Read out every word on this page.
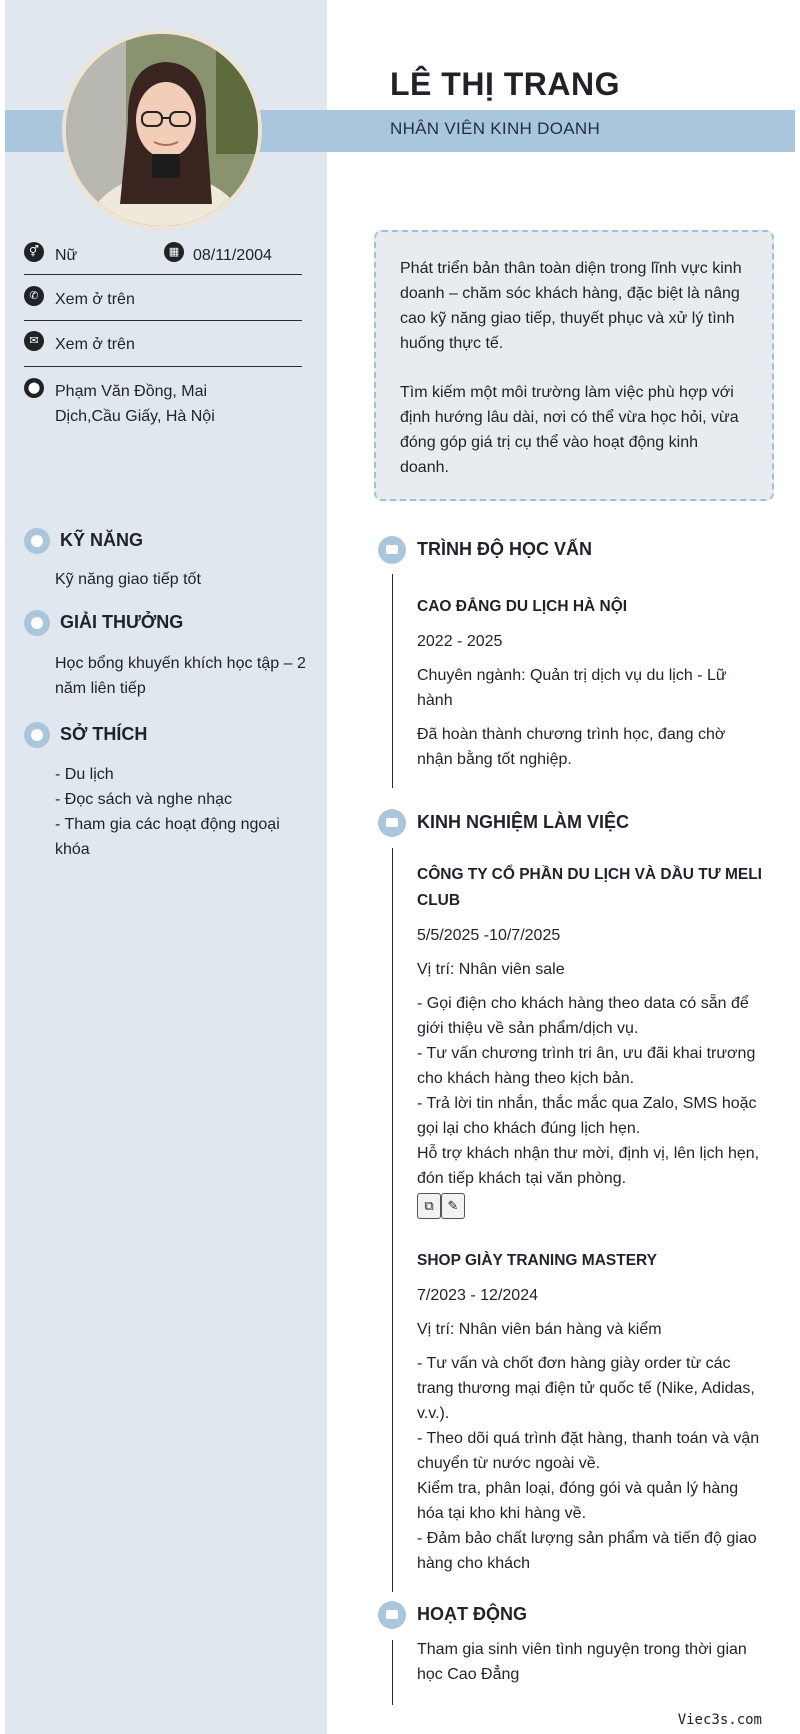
LÊ THỊ TRANG
NHÂN VIÊN KINH DOANH
⚥	Nữ	▦ 08/11/2004
✆	Xem ở trên
✉	Xem ở trên
⬤ Phạm Văn Đồng, Mai Dịch,Cầu Giấy, Hà Nội
KỸ NĂNG
Kỹ năng giao tiếp tốt
GIẢI THƯỞNG
Học bổng khuyến khích học tập – 2 năm liên tiếp
SỞ THÍCH
- Du lịch
- Đọc sách và nghe nhạc
- Tham gia các hoạt động ngoại khóa

Phát triển bản thân toàn diện trong lĩnh vực kinh doanh – chăm sóc khách hàng, đặc biệt là nâng cao kỹ năng giao tiếp, thuyết phục và xử lý tình huống thực tế.

Tìm kiếm một môi trường làm việc phù hợp với định hướng lâu dài, nơi có thể vừa học hỏi, vừa đóng góp giá trị cụ thể vào hoạt động kinh doanh.

TRÌNH ĐỘ HỌC VẤN
CAO ĐẲNG DU LỊCH HÀ NỘI
2022 - 2025
Chuyên ngành: Quản trị dịch vụ du lịch - Lữ hành
Đã hoàn thành chương trình học, đang chờ nhận bằng tốt nghiệp.
KINH NGHIỆM LÀM VIỆC
CÔNG TY CỔ PHẦN DU LỊCH VÀ DẦU TƯ MELI CLUB
5/5/2025 -10/7/2025
Vị trí: Nhân viên sale
- Gọi điện cho khách hàng theo data có sẵn để giới thiệu về sản phẩm/dịch vụ.
- Tư vấn chương trình tri ân, ưu đãi khai trương cho khách hàng theo kịch bản.
- Trả lời tin nhắn, thắc mắc qua Zalo, SMS hoặc gọi lại cho khách đúng lịch hẹn.
Hỗ trợ khách nhận thư mời, định vị, lên lịch hẹn, đón tiếp khách tại văn phòng.
⧉	✎
SHOP GIÀY TRANING MASTERY
7/2023 - 12/2024
Vị trí: Nhân viên bán hàng và kiểm
- Tư vấn và chốt đơn hàng giày order từ các trang thương mại điện tử quốc tế (Nike, Adidas, v.v.).
- Theo dõi quá trình đặt hàng, thanh toán và vận chuyển từ nước ngoài về.
Kiểm tra, phân loại, đóng gói và quản lý hàng hóa tại kho khi hàng về.
- Đảm bảo chất lượng sản phẩm và tiến độ giao hàng cho khách
HOẠT ĐỘNG
Tham gia sinh viên tình nguyện trong thời gian học Cao Đẳng
Viec3s.com
